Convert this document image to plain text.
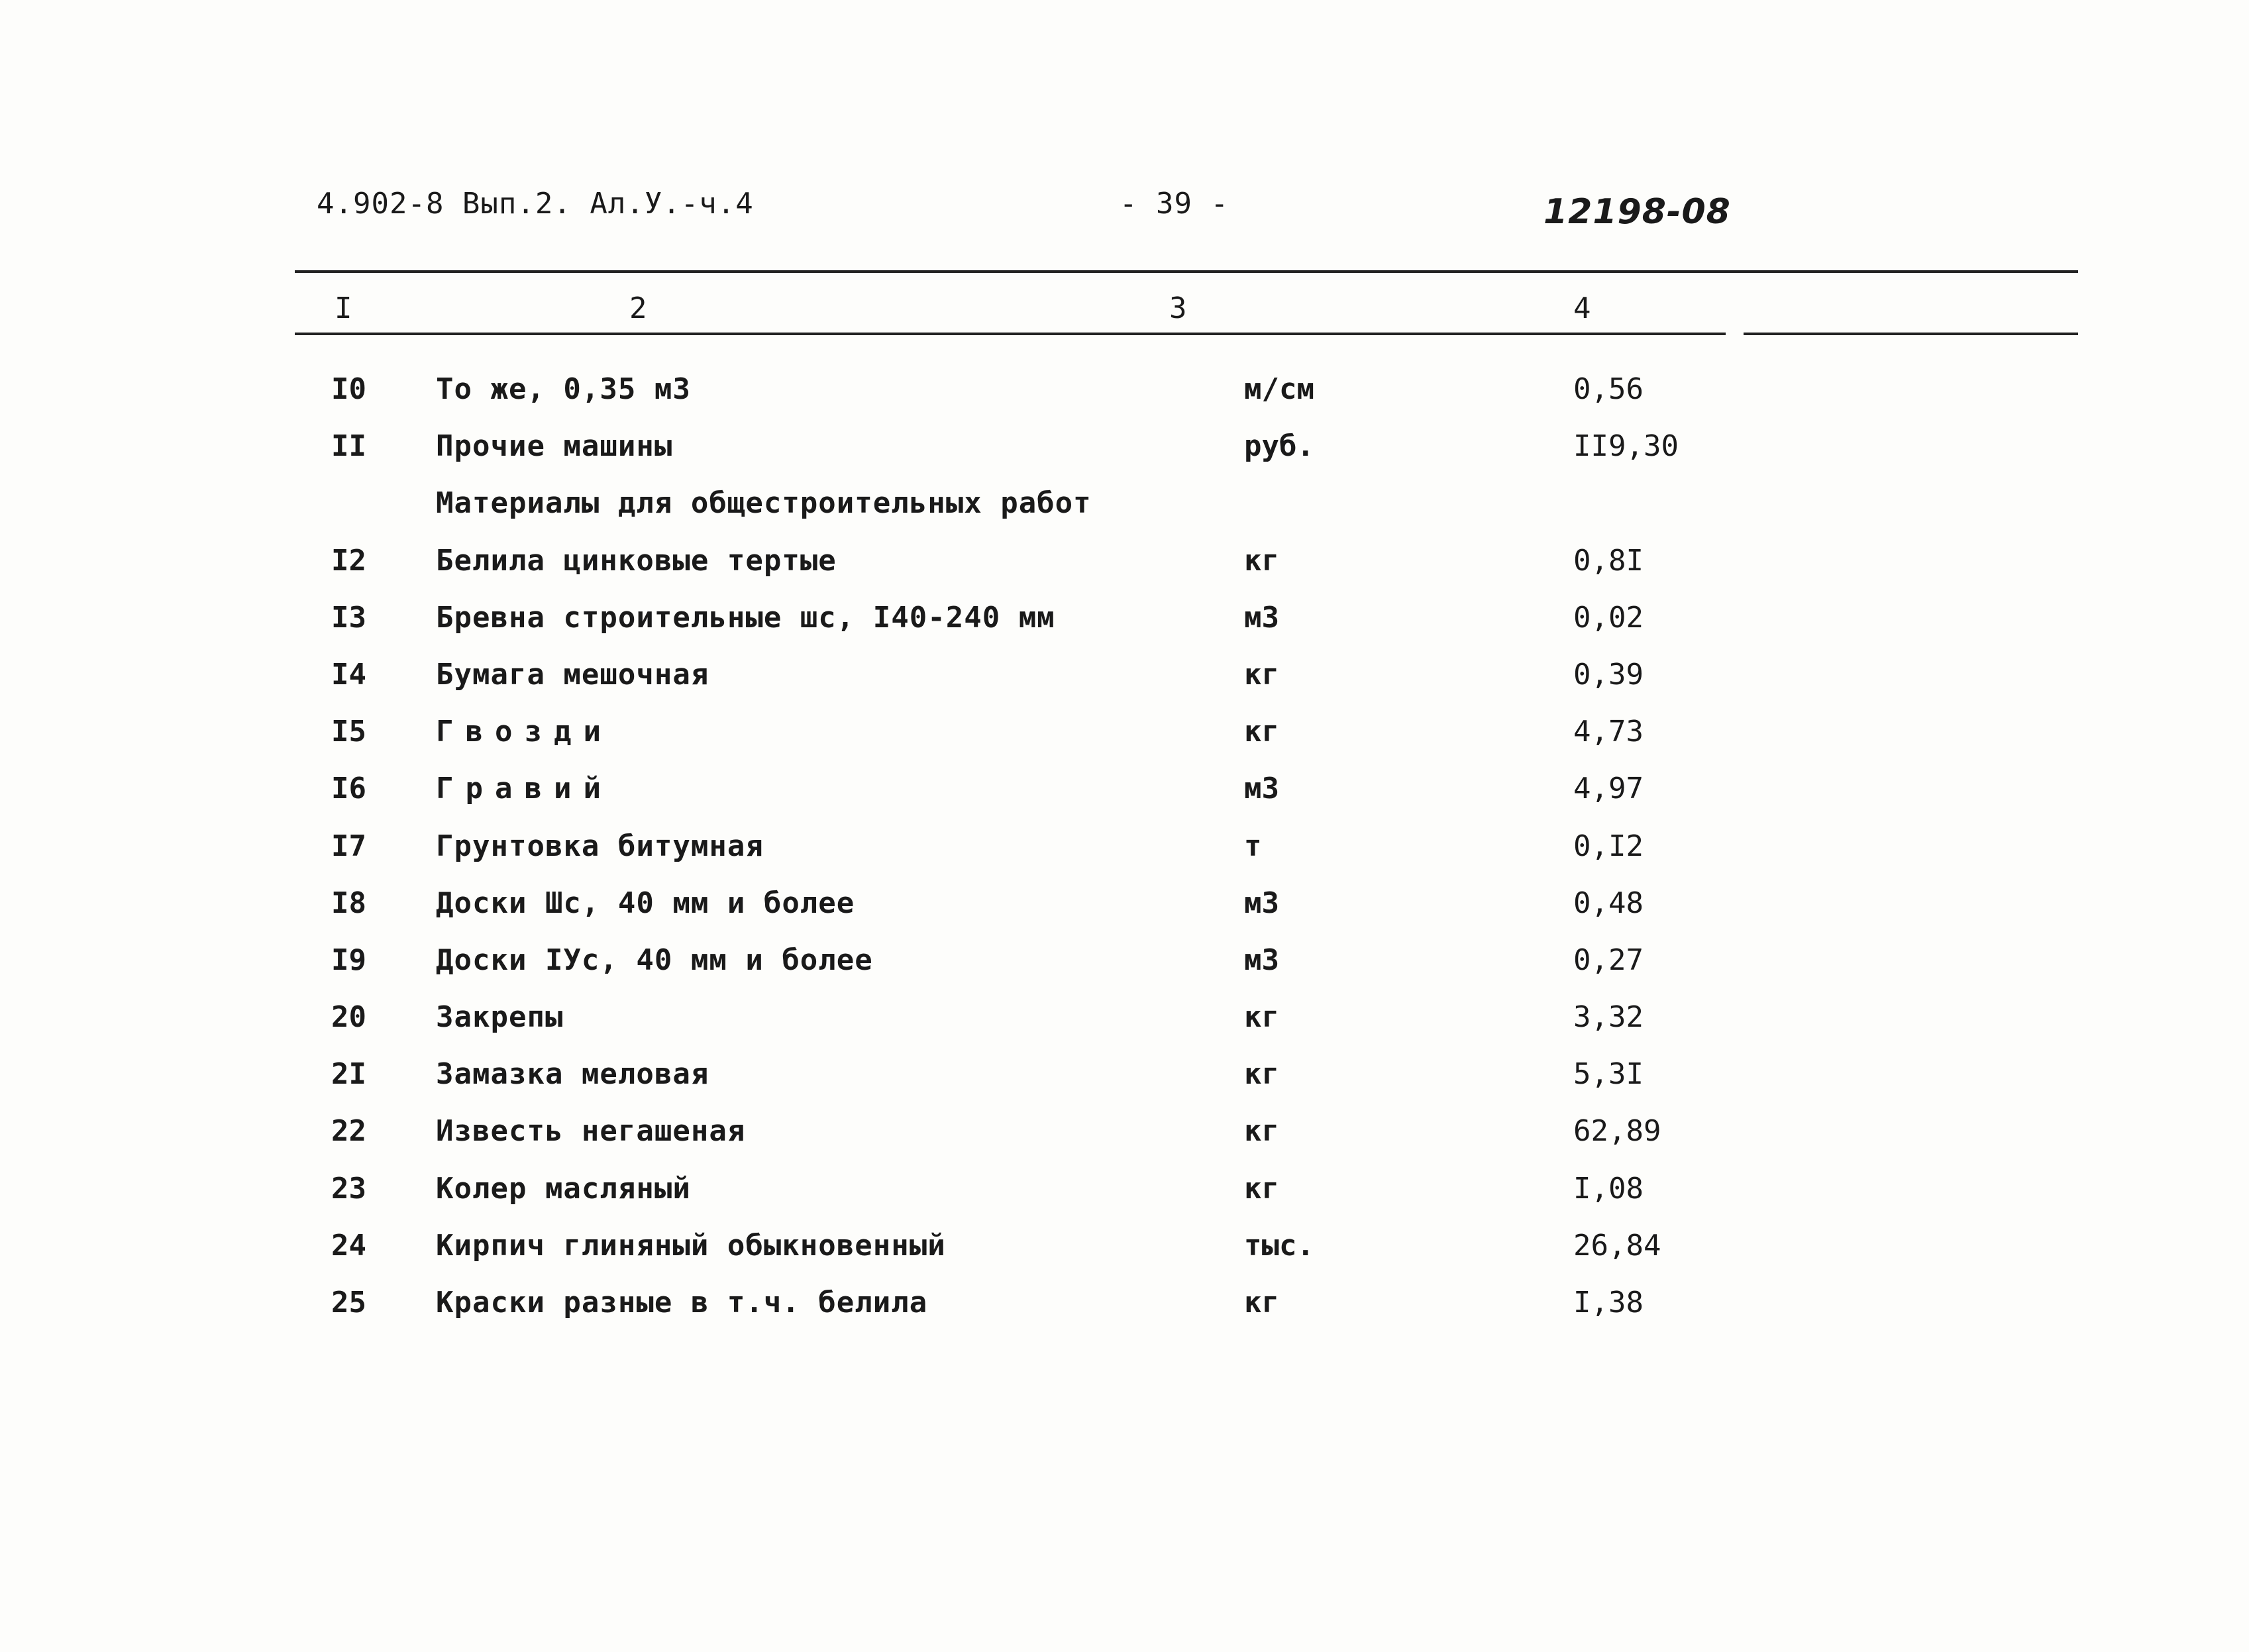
4.902-8 Вып.2. Ал.У.-ч.4	- 39 -	12198-08
I	2	3	4
I0 То же, 0,35 м3	м/см	0,56
II Прочие машины	руб.	II9,30
Материалы для общестроительных работ
I2 Белила цинковые тертые	кг	0,8I
I3 Бревна строительные шс, I40-240 мм	м3	0,02
I4 Бумага мешочная	кг	0,39
I5 Гвозди	кг	4,73
I6 Гравий	м3	4,97
I7 Грунтовка битумная	т	0,I2
I8 Доски Шс, 40 мм и более	м3	0,48
I9 Доски IУс, 40 мм и более	м3	0,27
20 Закрепы	кг	3,32
2I Замазка меловая	кг	5,3I
22 Известь негашеная	кг	62,89
23 Колер масляный	кг	I,08
24 Кирпич глиняный обыкновенный	тыс.	26,84
25 Краски разные в т.ч. белила	кг	I,38
